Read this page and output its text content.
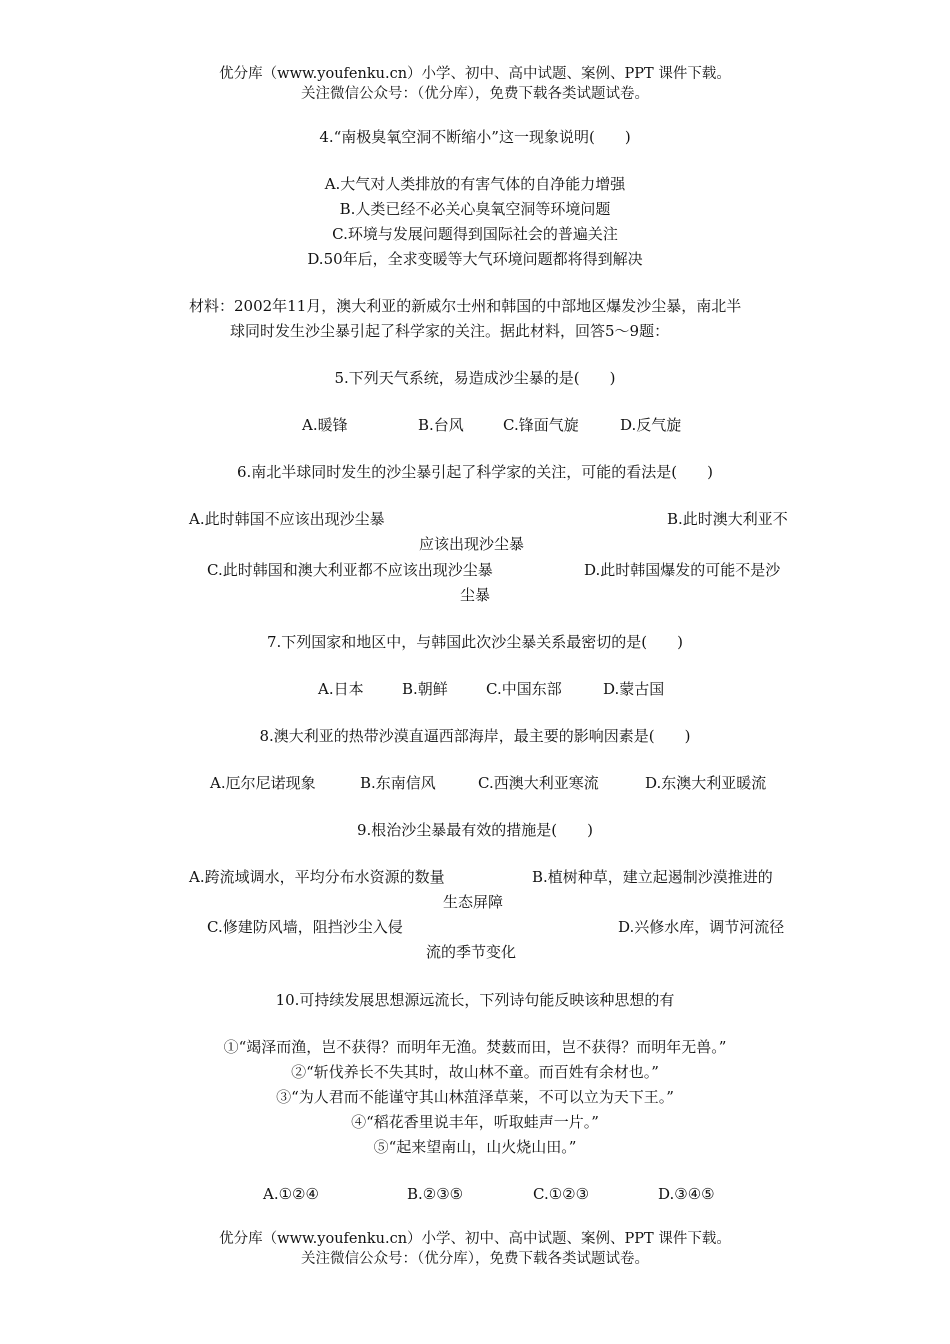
优分库（www.youfenku.cn）小学、初中、高中试题、案例、PPT 课件下载。
关注微信公众号：（优分库），免费下载各类试题试卷。
4.“南极臭氧空洞不断缩小”这一现象说明(　　)
A.大气对人类排放的有害气体的自净能力增强
B.人类已经不必关心臭氧空洞等环境问题
C.环境与发展问题得到国际社会的普遍关注
D.50年后，全求变暖等大气环境问题都将得到解决
材料：2002年11月，澳大利亚的新威尔士州和韩国的中部地区爆发沙尘暴，南北半
球同时发生沙尘暴引起了科学家的关注。据此材料，回答5～9题：
5.下列天气系统，易造成沙尘暴的是(　　)
A.暖锋	B.台风	C.锋面气旋	D.反气旋
6.南北半球同时发生的沙尘暴引起了科学家的关注，可能的看法是(　　)
A.此时韩国不应该出现沙尘暴	B.此时澳大利亚不
应该出现沙尘暴
C.此时韩国和澳大利亚都不应该出现沙尘暴	D.此时韩国爆发的可能不是沙
尘暴
7.下列国家和地区中，与韩国此次沙尘暴关系最密切的是(　　)
A.日本	B.朝鲜	C.中国东部	D.蒙古国
8.澳大利亚的热带沙漠直逼西部海岸，最主要的影响因素是(　　)
A.厄尔尼诺现象	B.东南信风	C.西澳大利亚寒流	D.东澳大利亚暖流
9.根治沙尘暴最有效的措施是(　　)
A.跨流域调水，平均分布水资源的数量	B.植树种草，建立起遏制沙漠推进的
生态屏障
C.修建防风墙，阻挡沙尘入侵	D.兴修水库，调节河流径
流的季节变化
10.可持续发展思想源远流长，下列诗句能反映该种思想的有
①“竭泽而渔，岂不获得？而明年无渔。焚薮而田，岂不获得？而明年无兽。”
②“斩伐养长不失其时，故山林不童。而百姓有余材也。”
③“为人君而不能谨守其山林菹泽草莱，不可以立为天下王。”
④“稻花香里说丰年，听取蛙声一片。”
⑤“起来望南山，山火烧山田。”
A.①②④	B.②③⑤	C.①②③	D.③④⑤
优分库（www.youfenku.cn）小学、初中、高中试题、案例、PPT 课件下载。
关注微信公众号：（优分库），免费下载各类试题试卷。
